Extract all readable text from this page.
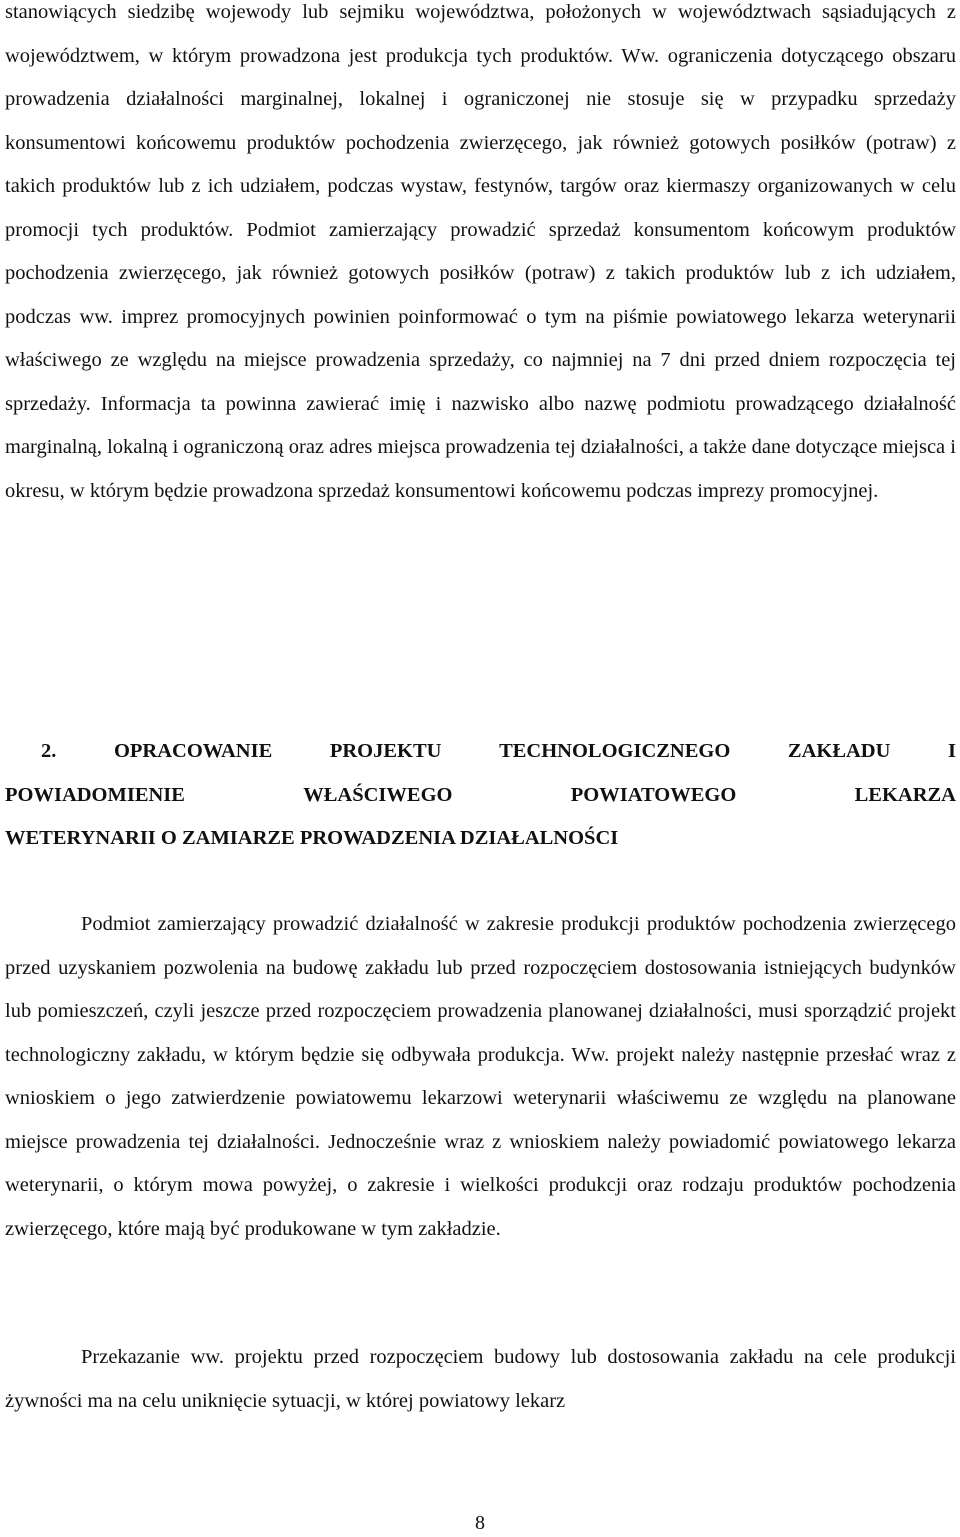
stanowiących siedzibę wojewody lub sejmiku województwa, położonych w województwach sąsiadujących z województwem, w którym prowadzona jest produkcja tych produktów. Ww. ograniczenia dotyczącego obszaru prowadzenia działalności marginalnej, lokalnej i ograniczonej nie stosuje się w przypadku sprzedaży konsumentowi końcowemu produktów pochodzenia zwierzęcego, jak również gotowych posiłków (potraw) z takich produktów lub z ich udziałem, podczas wystaw, festynów, targów oraz kiermaszy organizowanych w celu promocji tych produktów. Podmiot zamierzający prowadzić sprzedaż konsumentom końcowym produktów pochodzenia zwierzęcego, jak również gotowych posiłków (potraw) z takich produktów lub z ich udziałem, podczas ww. imprez promocyjnych powinien poinformować o tym na piśmie powiatowego lekarza weterynarii właściwego ze względu na miejsce prowadzenia sprzedaży, co najmniej na 7 dni przed dniem rozpoczęcia tej sprzedaży. Informacja ta powinna zawierać imię i nazwisko albo nazwę podmiotu prowadzącego działalność marginalną, lokalną i ograniczoną oraz adres miejsca prowadzenia tej działalności, a także dane dotyczące miejsca i okresu, w którym będzie prowadzona sprzedaż konsumentowi końcowemu podczas imprezy promocyjnej.

2.	OPRACOWANIE	PROJEKTU	TECHNOLOGICZNEGO	ZAKŁADU	I
POWIADOMIENIE	WŁAŚCIWEGO	POWIATOWEGO	LEKARZA
WETERYNARII O ZAMIARZE PROWADZENIA DZIAŁALNOŚCI

Podmiot zamierzający prowadzić działalność w zakresie produkcji produktów pochodzenia zwierzęcego przed uzyskaniem pozwolenia na budowę zakładu lub przed rozpoczęciem dostosowania istniejących budynków lub pomieszczeń, czyli jeszcze przed rozpoczęciem prowadzenia planowanej działalności, musi sporządzić projekt technologiczny zakładu, w którym będzie się odbywała produkcja. Ww. projekt należy następnie przesłać wraz z wnioskiem o jego zatwierdzenie powiatowemu lekarzowi weterynarii właściwemu ze względu na planowane miejsce prowadzenia tej działalności. Jednocześnie wraz z wnioskiem należy powiadomić powiatowego lekarza weterynarii, o którym mowa powyżej, o zakresie i wielkości produkcji oraz rodzaju produktów pochodzenia zwierzęcego, które mają być produkowane w tym zakładzie.

Przekazanie ww. projektu przed rozpoczęciem budowy lub dostosowania zakładu na cele produkcji żywności ma na celu uniknięcie sytuacji, w której powiatowy lekarz

8
